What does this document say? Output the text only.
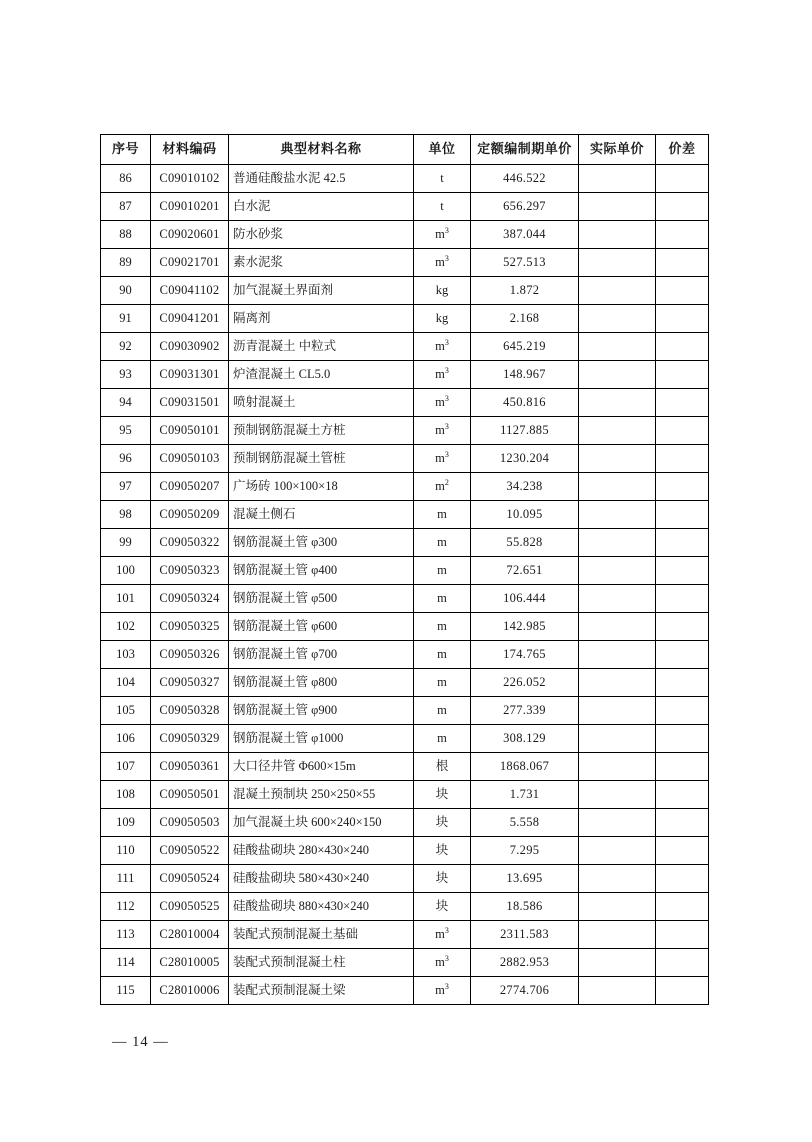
序号	材料编码	典型材料名称	单位	定额编制期单价	实际单价	价差
86	C09010102	普通硅酸盐水泥 42.5	t	446.522		
87	C09010201	白水泥	t	656.297		
88	C09020601	防水砂浆	$m^3$	387.044		
89	C09021701	素水泥浆	$m^3$	527.513		
90	C09041102	加气混凝土界面剂	kg	1.872		
91	C09041201	隔离剂	kg	2.168		
92	C09030902	沥青混凝土 中粒式	$m^3$	645.219		
93	C09031301	炉渣混凝土 CL5.0	$m^3$	148.967		
94	C09031501	喷射混凝土	$m^3$	450.816		
95	C09050101	预制钢筋混凝土方桩	$m^3$	1127.885		
96	C09050103	预制钢筋混凝土管桩	$m^3$	1230.204		
97	C09050207	广场砖 100×100×18	$m^2$	34.238		
98	C09050209	混凝土侧石	m	10.095		
99	C09050322	钢筋混凝土管 φ300	m	55.828		
100	C09050323	钢筋混凝土管 φ400	m	72.651		
101	C09050324	钢筋混凝土管 φ500	m	106.444		
102	C09050325	钢筋混凝土管 φ600	m	142.985		
103	C09050326	钢筋混凝土管 φ700	m	174.765		
104	C09050327	钢筋混凝土管 φ800	m	226.052		
105	C09050328	钢筋混凝土管 φ900	m	277.339		
106	C09050329	钢筋混凝土管 φ1000	m	308.129		
107	C09050361	大口径井管 Φ600×15m	根	1868.067		
108	C09050501	混凝土预制块 250×250×55	块	1.731		
109	C09050503	加气混凝土块 600×240×150	块	5.558		
110	C09050522	硅酸盐砌块 280×430×240	块	7.295		
111	C09050524	硅酸盐砌块 580×430×240	块	13.695		
112	C09050525	硅酸盐砌块 880×430×240	块	18.586		
113	C28010004	装配式预制混凝土基础	$m^3$	2311.583		
114	C28010005	装配式预制混凝土柱	$m^3$	2882.953		
115	C28010006	装配式预制混凝土梁	$m^3$	2774.706		
— 14 —
